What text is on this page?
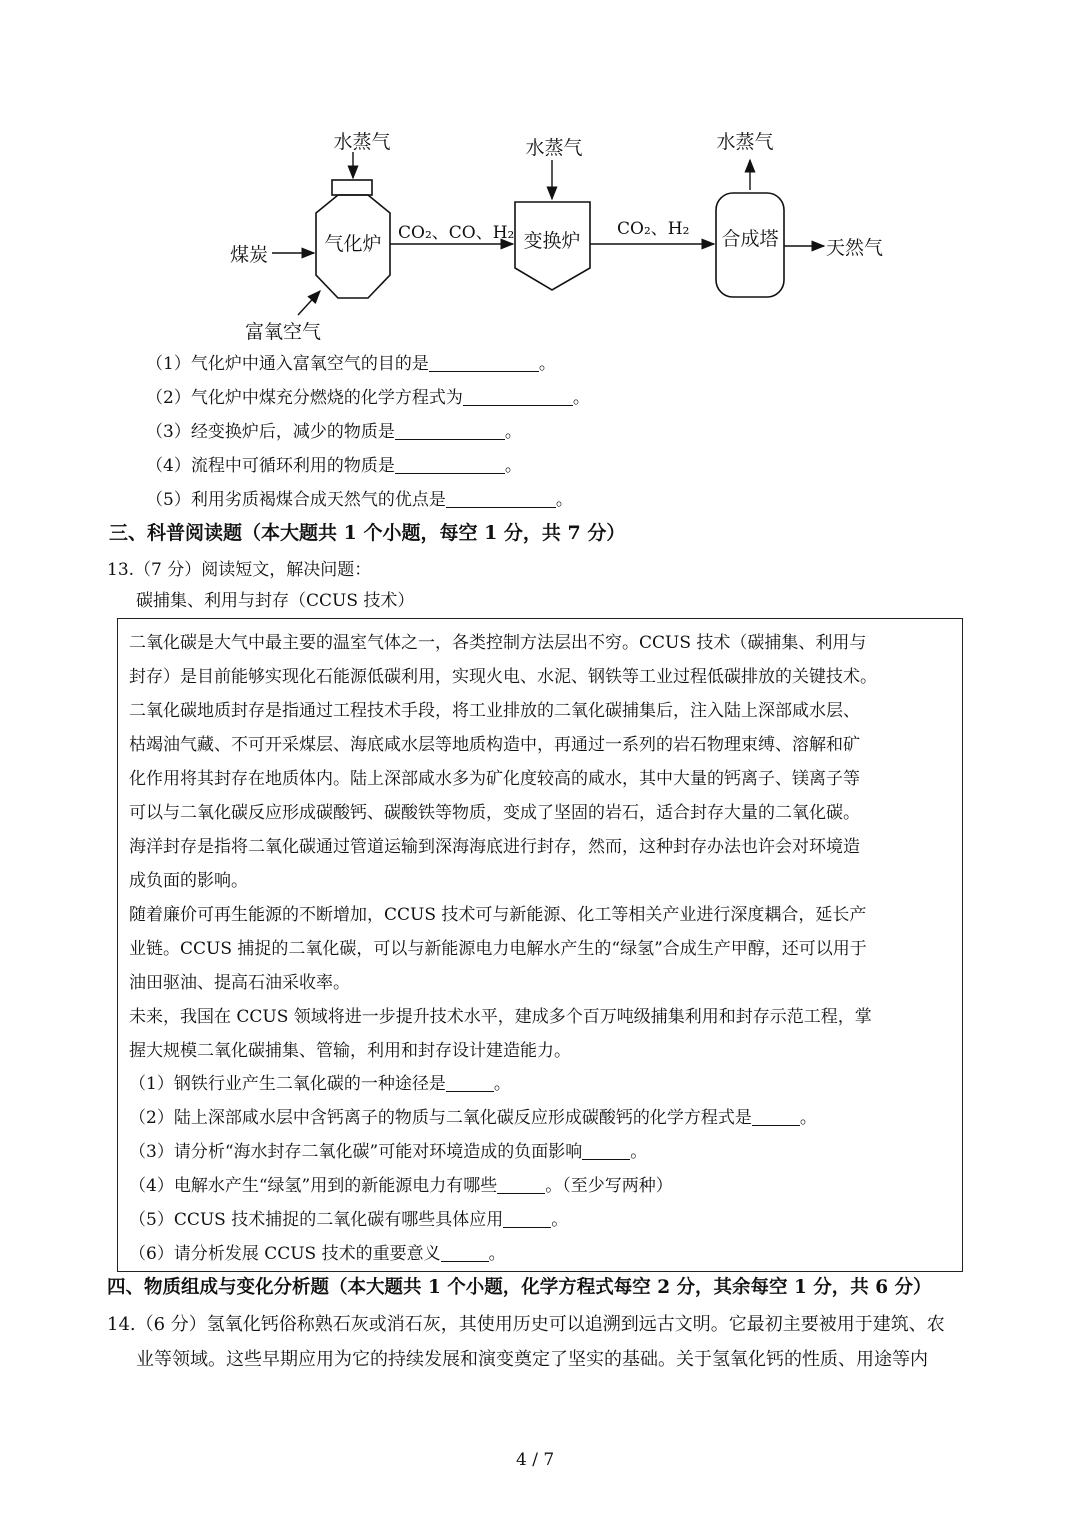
气化炉	变换炉	合成塔
水蒸气	水蒸气	水蒸气
煤炭
富氧空气
CO₂、CO、H₂	CO₂、H₂
天然气
（1）气化炉中通入富氧空气的目的是	。
（2）气化炉中煤充分燃烧的化学方程式为	。
（3）经变换炉后，减少的物质是	。
（4）流程中可循环利用的物质是	。
（5）利用劣质褐煤合成天然气的优点是	。
三、科普阅读题（本大题共 1 个小题，每空 1 分，共 7 分）
13.（7 分）阅读短文，解决问题：
碳捕集、利用与封存（CCUS 技术）
二氧化碳是大气中最主要的温室气体之一，各类控制方法层出不穷。CCUS 技术（碳捕集、利用与
封存）是目前能够实现化石能源低碳利用，实现火电、水泥、钢铁等工业过程低碳排放的关键技术。
二氧化碳地质封存是指通过工程技术手段，将工业排放的二氧化碳捕集后，注入陆上深部咸水层、
枯竭油气藏、不可开采煤层、海底咸水层等地质构造中，再通过一系列的岩石物理束缚、溶解和矿
化作用将其封存在地质体内。陆上深部咸水多为矿化度较高的咸水，其中大量的钙离子、镁离子等
可以与二氧化碳反应形成碳酸钙、碳酸铁等物质，变成了坚固的岩石，适合封存大量的二氧化碳。
海洋封存是指将二氧化碳通过管道运输到深海海底进行封存，然而，这种封存办法也许会对环境造
成负面的影响。
随着廉价可再生能源的不断增加，CCUS 技术可与新能源、化工等相关产业进行深度耦合，延长产
业链。CCUS 捕捉的二氧化碳，可以与新能源电力电解水产生的“绿氢”合成生产甲醇，还可以用于
油田驱油、提高石油采收率。
未来，我国在 CCUS 领域将进一步提升技术水平，建成多个百万吨级捕集利用和封存示范工程，掌
握大规模二氧化碳捕集、管输，利用和封存设计建造能力。
（1）钢铁行业产生二氧化碳的一种途径是	。
（2）陆上深部咸水层中含钙离子的物质与二氧化碳反应形成碳酸钙的化学方程式是	。
（3）请分析“海水封存二氧化碳”可能对环境造成的负面影响	。
（4）电解水产生“绿氢”用到的新能源电力有哪些	。（至少写两种）
（5）CCUS 技术捕捉的二氧化碳有哪些具体应用	。
（6）请分析发展 CCUS 技术的重要意义	。
四、物质组成与变化分析题（本大题共 1 个小题，化学方程式每空 2 分，其余每空 1 分，共 6 分）
14.（6 分）氢氧化钙俗称熟石灰或消石灰，其使用历史可以追溯到远古文明。它最初主要被用于建筑、农
业等领域。这些早期应用为它的持续发展和演变奠定了坚实的基础。关于氢氧化钙的性质、用途等内
4 / 7
